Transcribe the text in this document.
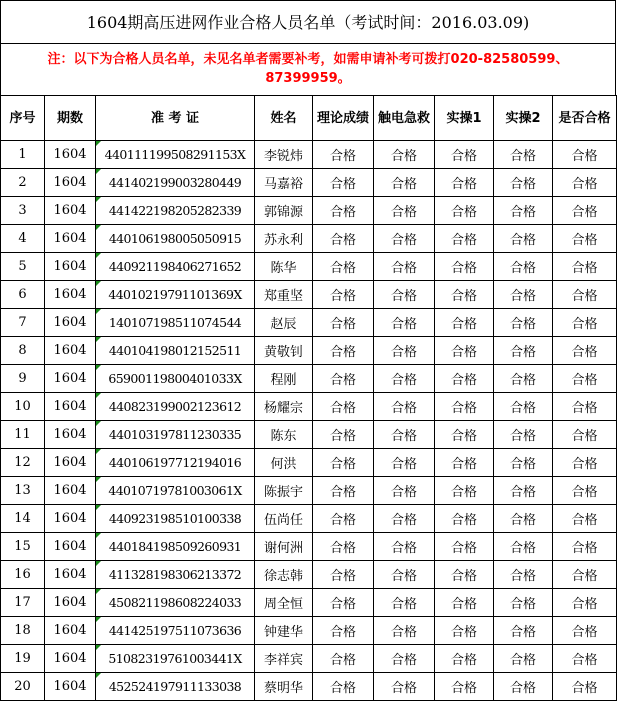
1604期高压进网作业合格人员名单（考试时间：2016.03.09)
注：以下为合格人员名单，未见名单者需要补考，如需申请补考可拨打020-82580599、87399959。
序号	期数	准 考 证	姓名	理论成绩	触电急救	实操1	实操2	是否合格
1	1604	440111199508291153X	李锐炜	合格	合格	合格	合格	合格
2	1604	441402199003280449	马嘉裕	合格	合格	合格	合格	合格
3	1604	441422198205282339	郭锦源	合格	合格	合格	合格	合格
4	1604	440106198005050915	苏永利	合格	合格	合格	合格	合格
5	1604	440921198406271652	陈华	合格	合格	合格	合格	合格
6	1604	44010219791101369X	郑重坚	合格	合格	合格	合格	合格
7	1604	140107198511074544	赵辰	合格	合格	合格	合格	合格
8	1604	440104198012152511	黄敬钊	合格	合格	合格	合格	合格
9	1604	65900119800401033X	程刚	合格	合格	合格	合格	合格
10	1604	440823199002123612	杨耀宗	合格	合格	合格	合格	合格
11	1604	440103197811230335	陈东	合格	合格	合格	合格	合格
12	1604	440106197712194016	何洪	合格	合格	合格	合格	合格
13	1604	44010719781003061X	陈振宇	合格	合格	合格	合格	合格
14	1604	440923198510100338	伍尚任	合格	合格	合格	合格	合格
15	1604	440184198509260931	谢何洲	合格	合格	合格	合格	合格
16	1604	411328198306213372	徐志韩	合格	合格	合格	合格	合格
17	1604	450821198608224033	周全恒	合格	合格	合格	合格	合格
18	1604	441425197511073636	钟建华	合格	合格	合格	合格	合格
19	1604	51082319761003441X	李祥宾	合格	合格	合格	合格	合格
20	1604	452524197911133038	蔡明华	合格	合格	合格	合格	合格
